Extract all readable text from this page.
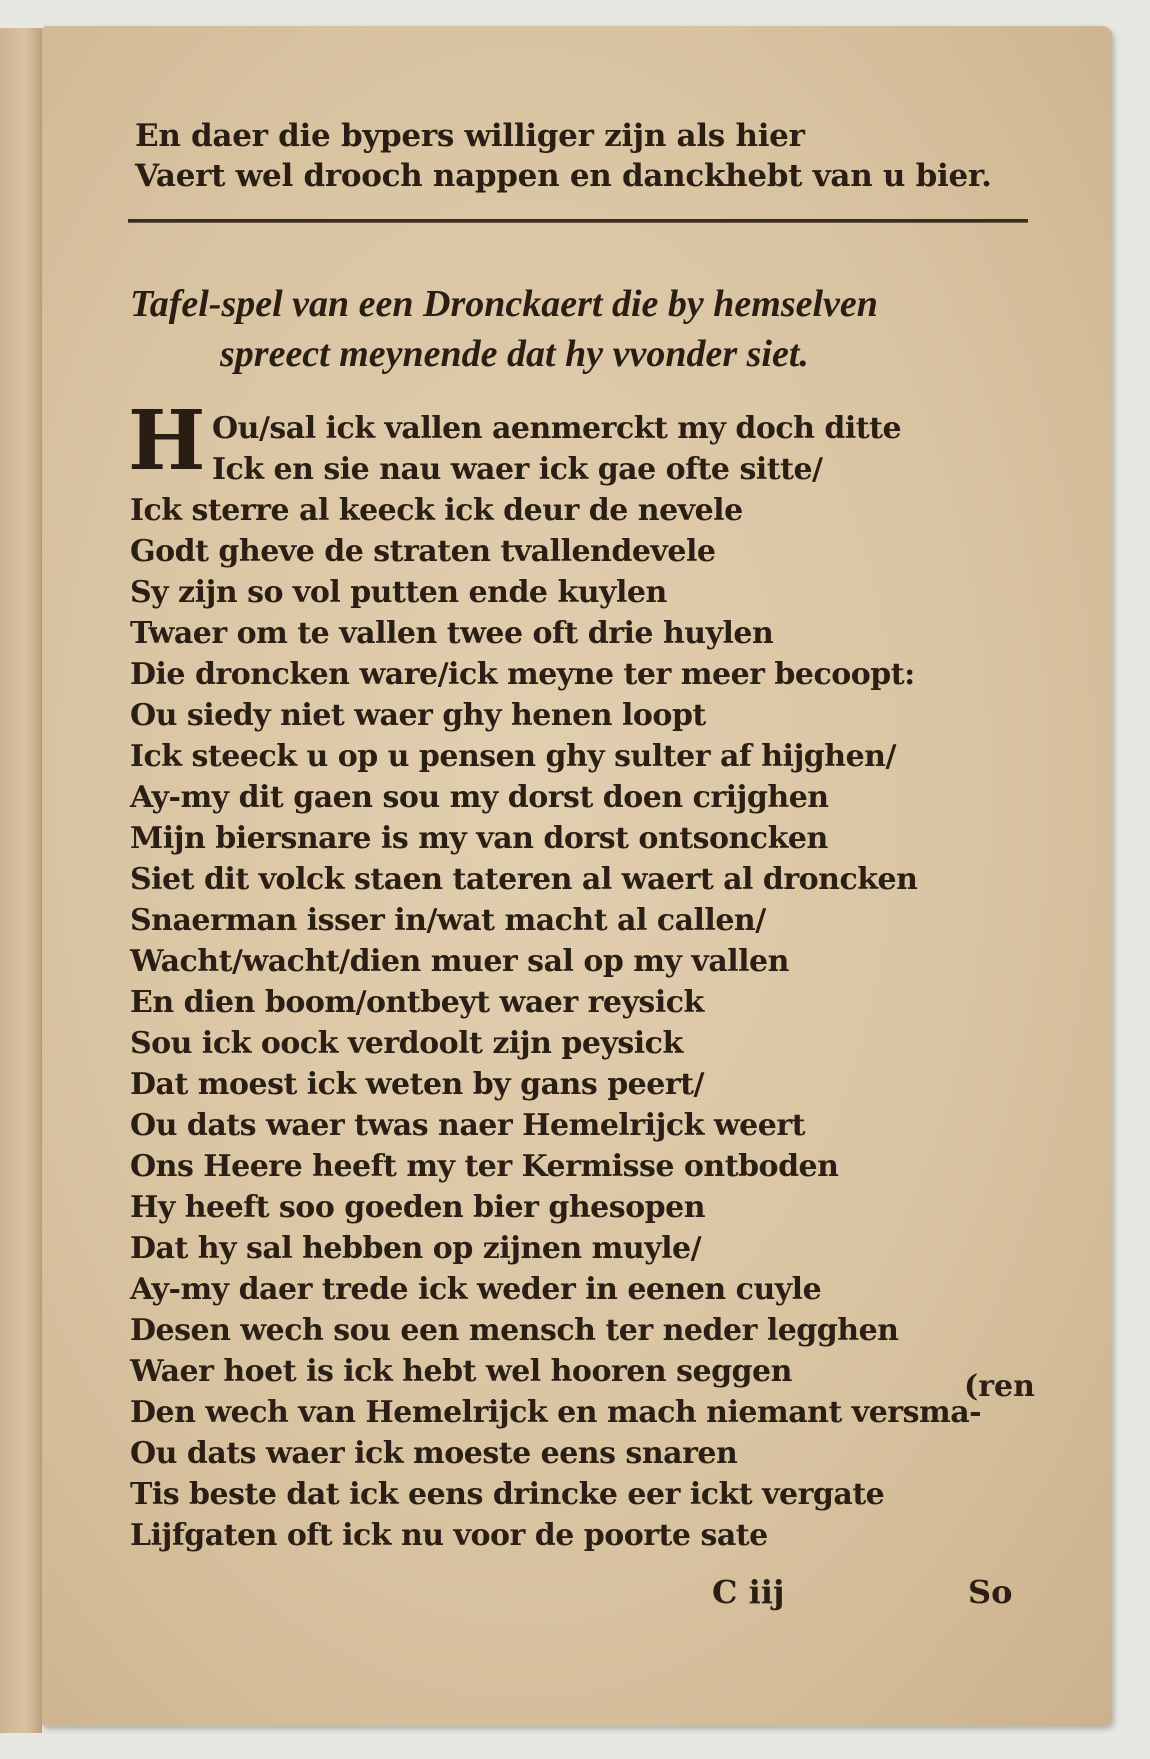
En daer die bypers williger zijn als hier
Vaert wel drooch nappen en danckhebt van u bier.
Tafel-spel van een Dronckaert die by hemselven
spreect meynende dat hy vvonder siet.
H Ou/sal ick vallen aenmerckt my doch ditte
Ick en sie nau waer ick gae ofte sitte/
Ick sterre al keeck ick deur de nevele
Godt gheve de straten tvallendevele
Sy zijn so vol putten ende kuylen
Twaer om te vallen twee oft drie huylen
Die droncken ware/ick meyne ter meer becoopt:
Ou siedy niet waer ghy henen loopt
Ick steeck u op u pensen ghy sulter af hijghen/
Ay-my dit gaen sou my dorst doen crijghen
Mijn biersnare is my van dorst ontsoncken
Siet dit volck staen tateren al waert al droncken
Snaerman isser in/wat macht al callen/
Wacht/wacht/dien muer sal op my vallen
En dien boom/ontbeyt waer reysick
Sou ick oock verdoolt zijn peysick
Dat moest ick weten by gans peert/
Ou dats waer twas naer Hemelrijck weert
Ons Heere heeft my ter Kermisse ontboden
Hy heeft soo goeden bier ghesopen
Dat hy sal hebben op zijnen muyle/
Ay-my daer trede ick weder in eenen cuyle
Desen wech sou een mensch ter neder legghen
Waer hoet is ick hebt wel hooren seggen
Den wech van Hemelrijck en mach niemant versma-
Ou dats waer ick moeste eens snaren
Tis beste dat ick eens drincke eer ickt vergate
Lijfgaten oft ick nu voor de poorte sate
(ren
C iij	So
